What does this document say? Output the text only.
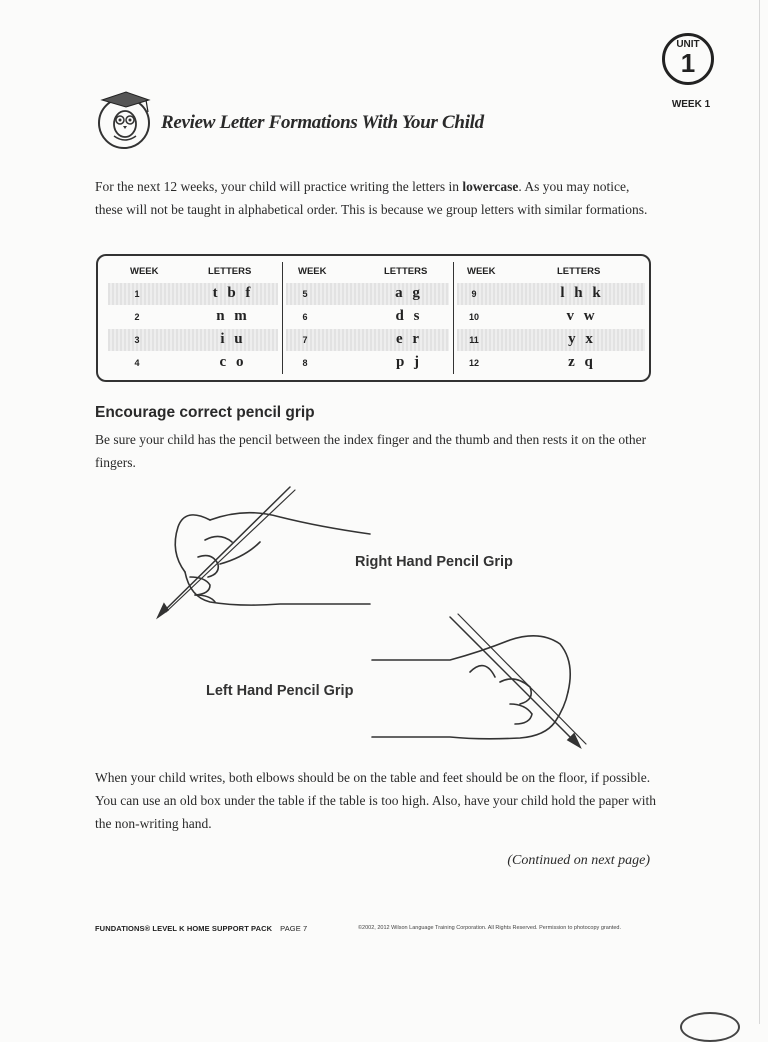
UNIT
1
WEEK 1
Review Letter Formations With Your Child
For the next 12 weeks, your child will practice writing the letters in lowercase. As you may notice, these will not be taught in alphabetical order. This is because we group letters with similar formations.
WEEK	LETTERS
1	t b f
2	n m
3	i u
4	c o
WEEK	LETTERS
5	a g
6	d s
7	e r
8	p j
WEEK	LETTERS
9	l h k
10	v w
11	y x
12	z q
Encourage correct pencil grip
Be sure your child has the pencil between the index finger and the thumb and then rests it on the other fingers.
Right Hand Pencil Grip
Left Hand Pencil Grip
When your child writes, both elbows should be on the table and feet should be on the floor, if possible. You can use an old box under the table if the table is too high. Also, have your child hold the paper with the non-writing hand.
(Continued on next page)
FUNDATIONS® LEVEL K HOME SUPPORT PACK PAGE 7	©2002, 2012 Wilson Language Training Corporation. All Rights Reserved. Permission to photocopy granted.
